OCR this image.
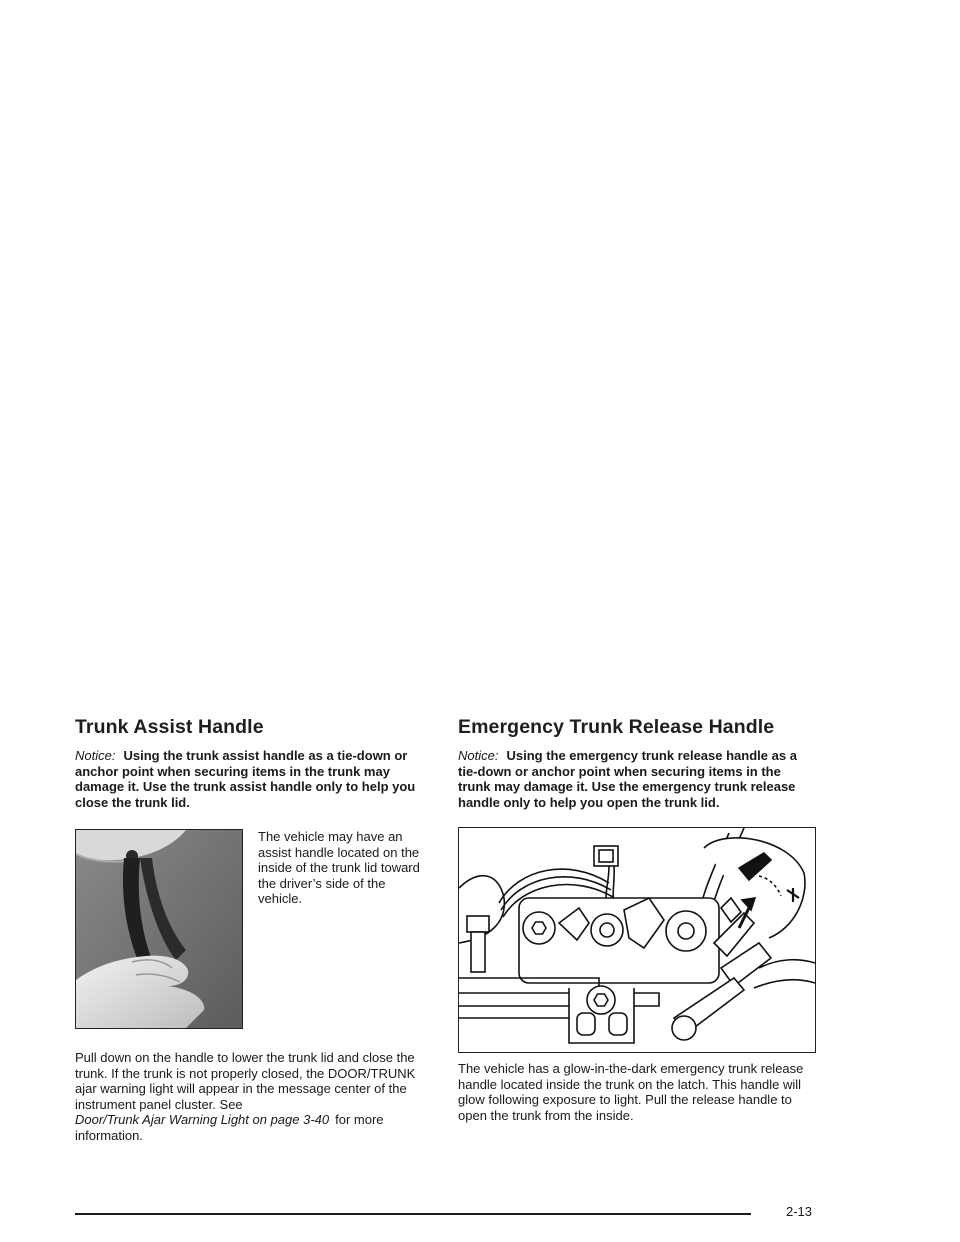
Trunk Assist Handle

Notice: Using the trunk assist handle as a tie-down or anchor point when securing items in the trunk may damage it. Use the trunk assist handle only to help you close the trunk lid.

The vehicle may have an assist handle located on the inside of the trunk lid toward the driver’s side of the vehicle.

Pull down on the handle to lower the trunk lid and close the trunk. If the trunk is not properly closed, the DOOR/TRUNK ajar warning light will appear in the message center of the instrument panel cluster. See
Door/Trunk Ajar Warning Light on page 3-40 for more information.

Emergency Trunk Release Handle

Notice: Using the emergency trunk release handle as a tie-down or anchor point when securing items in the trunk may damage it. Use the emergency trunk release handle only to help you open the trunk lid.

The vehicle has a glow-in-the-dark emergency trunk release handle located inside the trunk on the latch. This handle will glow following exposure to light. Pull the release handle to open the trunk from the inside.

2-13
